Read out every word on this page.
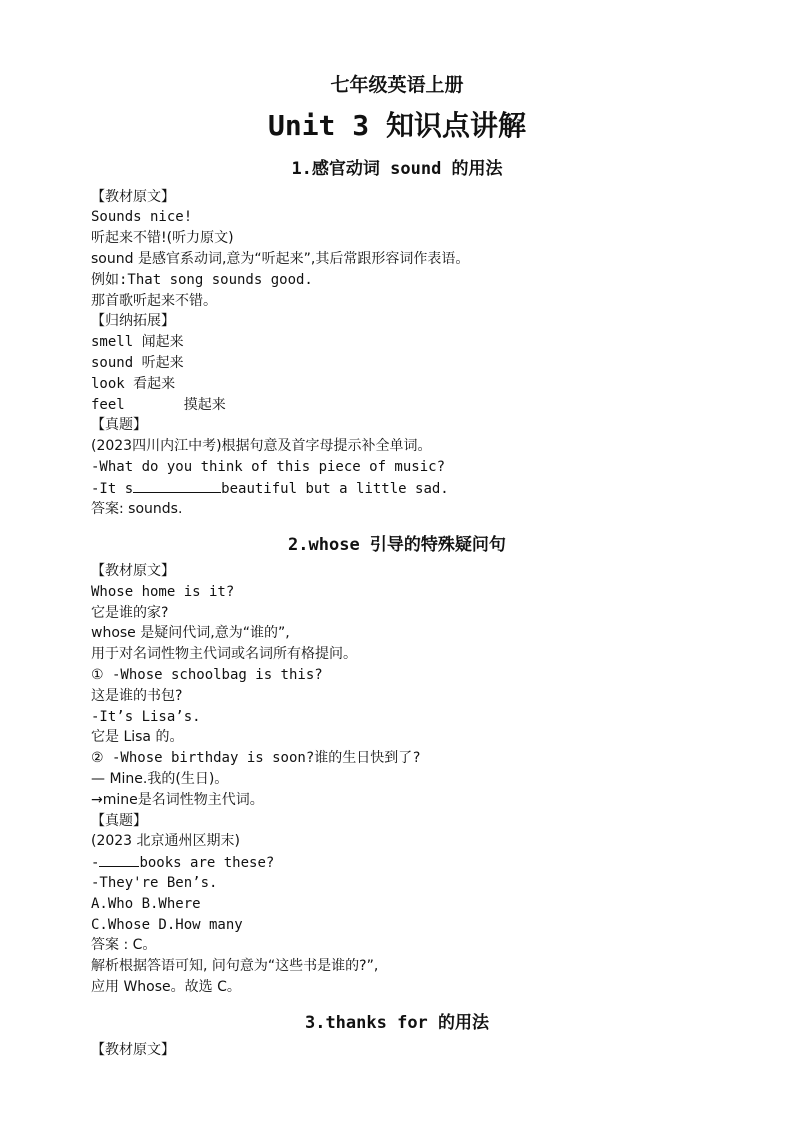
七年级英语上册
Unit 3 知识点讲解
1.感官动词 sound 的用法
【教材原文】
Sounds nice!
听起来不错!(听力原文)
sound 是感官系动词,意为“听起来”,其后常跟形容词作表语。
例如:That song sounds good.
那首歌听起来不错。
【归纳拓展】
smell 闻起来
sound 听起来
look 看起来
feel       摸起来
【真题】
(2023四川内江中考)根据句意及首字母提示补全单词。
-What do you think of this piece of music?
-It s	beautiful but a little sad.
答案: sounds.
2.whose 引导的特殊疑问句
【教材原文】
Whose home is it?
它是谁的家?
whose 是疑问代词,意为“谁的”,
用于对名词性物主代词或名词所有格提问。
① -Whose schoolbag is this?
这是谁的书包?
-It’s Lisa’s.
它是 Lisa 的。
② -Whose birthday is soon?谁的生日快到了?
— Mine.我的(生日)。
→mine是名词性物主代词。
【真题】
(2023 北京通州区期末)
-	books are these?
-They're Ben’s.
A.Who B.Where
C.Whose D.How many
答案 : C。
解析根据答语可知, 问句意为“这些书是谁的?”,
应用 Whose。故选 C。
3.thanks for 的用法
【教材原文】
